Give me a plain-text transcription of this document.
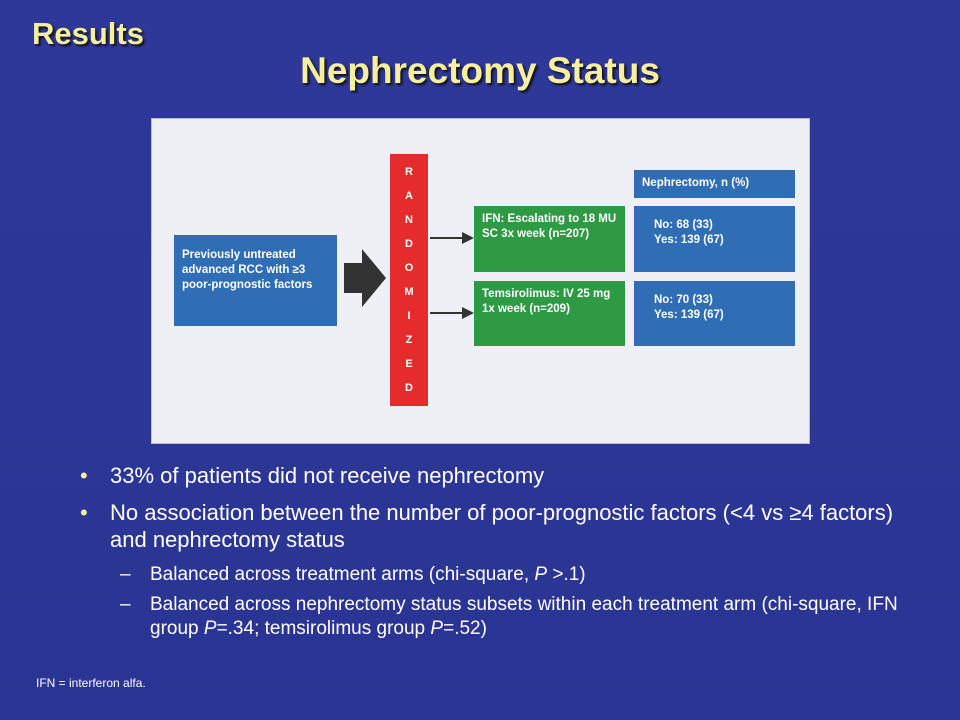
Results
Nephrectomy Status
Previously untreated advanced RCC with ≥3 poor-prognostic factors
R
A
N
D
O
M
I
Z
E
D
IFN: Escalating to 18 MU SC 3x week (n=207)
Temsirolimus: IV 25 mg 1x week (n=209)
Nephrectomy, n (%)
No: 68 (33)
Yes: 139 (67)
No: 70 (33)
Yes: 139 (67)
• 33% of patients did not receive nephrectomy
• No association between the number of poor-prognostic factors (<4 vs ≥4 factors) and nephrectomy status
– Balanced across treatment arms (chi-square, P >.1)
– Balanced across nephrectomy status subsets within each treatment arm (chi-square, IFN group P=.34; temsirolimus group P=.52)
IFN = interferon alfa.
